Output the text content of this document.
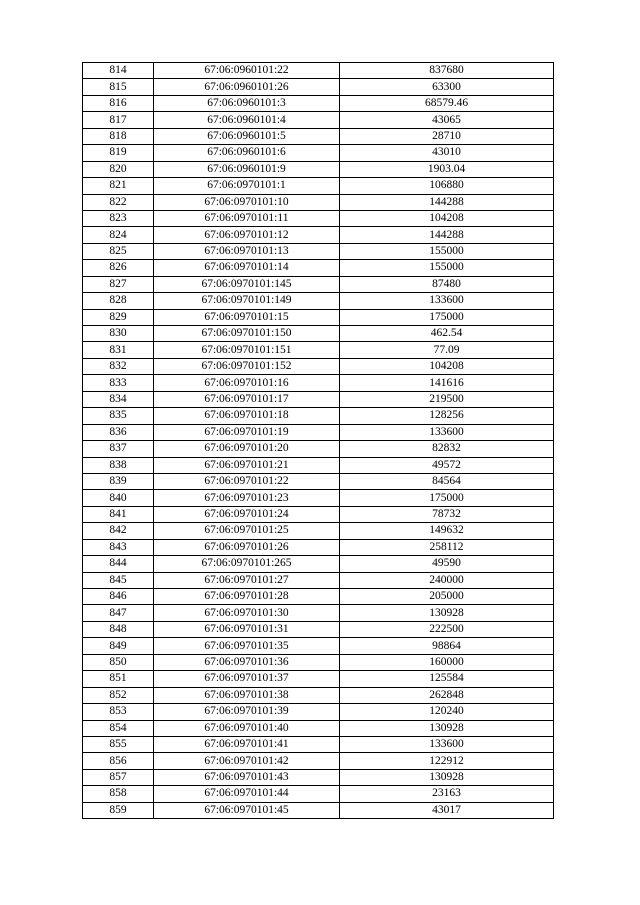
814	67:06:0960101:22	837680
815	67:06:0960101:26	63300
816	67:06:0960101:3	68579.46
817	67:06:0960101:4	43065
818	67:06:0960101:5	28710
819	67:06:0960101:6	43010
820	67:06:0960101:9	1903.04
821	67:06:0970101:1	106880
822	67:06:0970101:10	144288
823	67:06:0970101:11	104208
824	67:06:0970101:12	144288
825	67:06:0970101:13	155000
826	67:06:0970101:14	155000
827	67:06:0970101:145	87480
828	67:06:0970101:149	133600
829	67:06:0970101:15	175000
830	67:06:0970101:150	462.54
831	67:06:0970101:151	77.09
832	67:06:0970101:152	104208
833	67:06:0970101:16	141616
834	67:06:0970101:17	219500
835	67:06:0970101:18	128256
836	67:06:0970101:19	133600
837	67:06:0970101:20	82832
838	67:06:0970101:21	49572
839	67:06:0970101:22	84564
840	67:06:0970101:23	175000
841	67:06:0970101:24	78732
842	67:06:0970101:25	149632
843	67:06:0970101:26	258112
844	67:06:0970101:265	49590
845	67:06:0970101:27	240000
846	67:06:0970101:28	205000
847	67:06:0970101:30	130928
848	67:06:0970101:31	222500
849	67:06:0970101:35	98864
850	67:06:0970101:36	160000
851	67:06:0970101:37	125584
852	67:06:0970101:38	262848
853	67:06:0970101:39	120240
854	67:06:0970101:40	130928
855	67:06:0970101:41	133600
856	67:06:0970101:42	122912
857	67:06:0970101:43	130928
858	67:06:0970101:44	23163
859	67:06:0970101:45	43017
